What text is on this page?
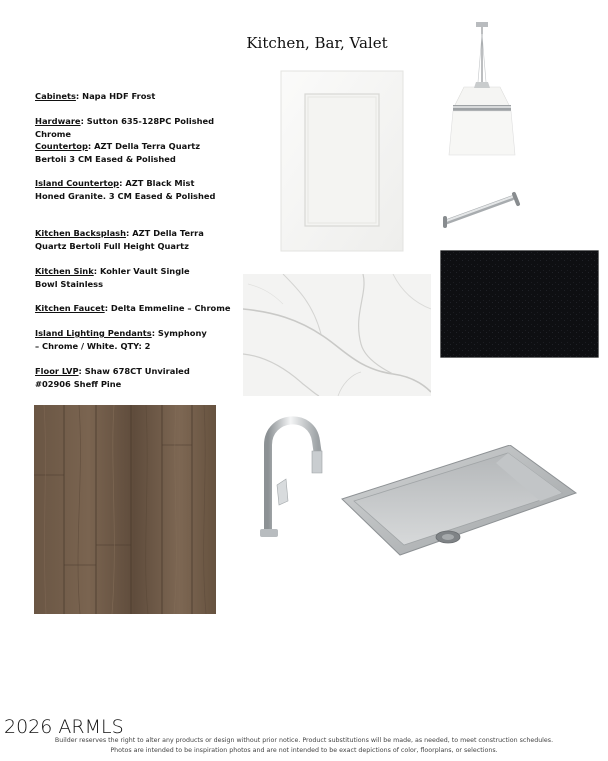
Kitchen, Bar, Valet
Cabinets: Napa HDF Frost
Hardware: Sutton 635-128PC Polished Chrome
Countertop: AZT Della Terra Quartz Bertoli 3 CM Eased & Polished
Island Countertop: AZT Black Mist Honed Granite. 3 CM Eased & Polished
Kitchen Backsplash: AZT Della Terra Quartz Bertoli Full Height Quartz
Kitchen Sink: Kohler Vault Single Bowl Stainless
Kitchen Faucet: Delta Emmeline – Chrome
Island Lighting Pendants: Symphony – Chrome / White. QTY: 2
Floor LVP: Shaw 678CT Unviraled #02906 Sheff Pine
2026 ARMLS
Builder reserves the right to alter any products or design without prior notice. Product substitutions will be made, as needed, to meet construction schedules.
Photos are intended to be inspiration photos and are not intended to be exact depictions of color, floorplans, or selections.
